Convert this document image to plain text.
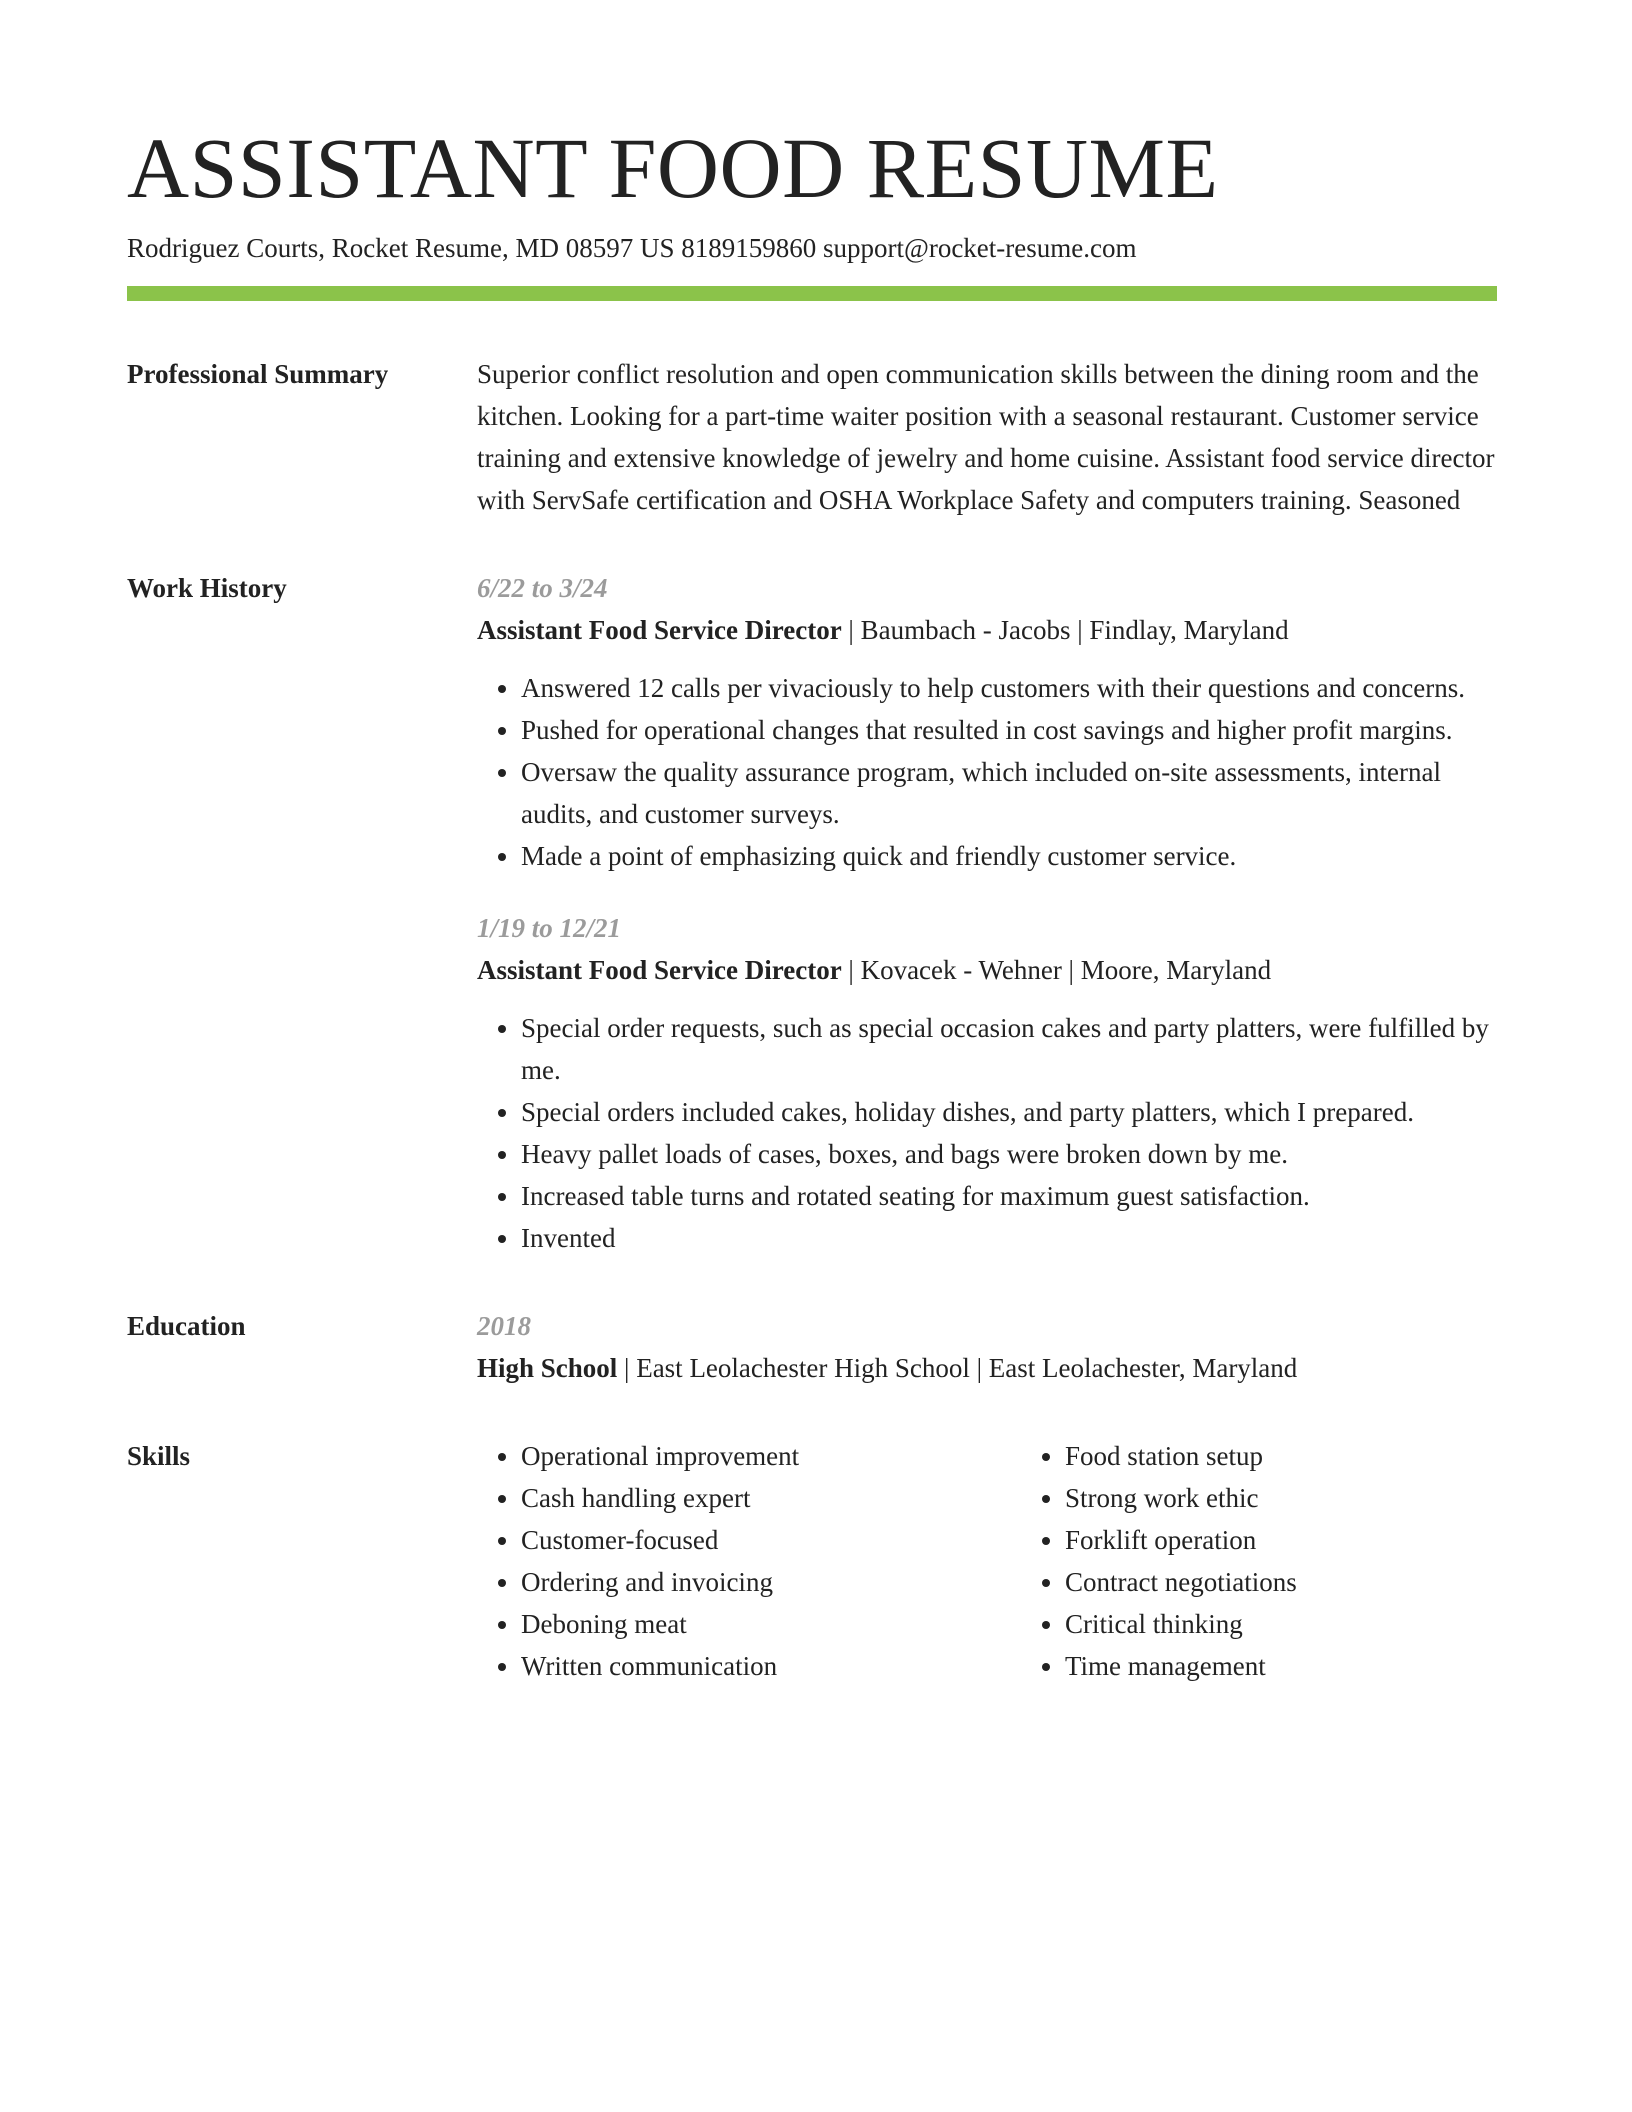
ASSISTANT FOOD RESUME
Rodriguez Courts, Rocket Resume, MD 08597 US 8189159860 support@rocket-resume.com
Professional Summary	Superior conflict resolution and open communication skills between the dining room and the kitchen. Looking for a part-time waiter position with a seasonal restaurant. Customer service training and extensive knowledge of jewelry and home cuisine. Assistant food service director with ServSafe certification and OSHA Workplace Safety and computers training. Seasoned

Work History	6/22 to 3/24
Assistant Food Service Director | Baumbach - Jacobs | Findlay, Maryland
• Answered 12 calls per vivaciously to help customers with their questions and concerns.
• Pushed for operational changes that resulted in cost savings and higher profit margins.
• Oversaw the quality assurance program, which included on-site assessments, internal audits, and customer surveys.
• Made a point of emphasizing quick and friendly customer service.
1/19 to 12/21
Assistant Food Service Director | Kovacek - Wehner | Moore, Maryland
• Special order requests, such as special occasion cakes and party platters, were fulfilled by me.
• Special orders included cakes, holiday dishes, and party platters, which I prepared.
• Heavy pallet loads of cases, boxes, and bags were broken down by me.
• Increased table turns and rotated seating for maximum guest satisfaction.
• Invented
Education	2018
High School | East Leolachester High School | East Leolachester, Maryland
Skills
•	Operational improvement
• Cash handling expert
• Customer-focused
• Ordering and invoicing
• Deboning meat
• Written communication
• Food station setup
• Strong work ethic
• Forklift operation
• Contract negotiations
• Critical thinking
• Time management
